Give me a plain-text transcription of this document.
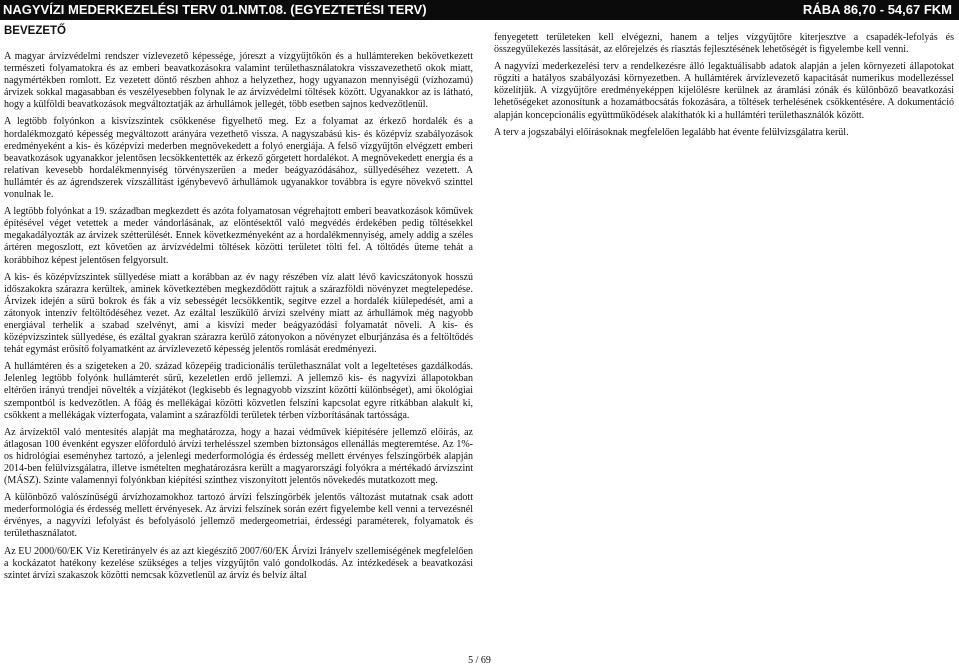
NAGYVÍZI MEDERKEZELÉSI TERV 01.NMT.08. (EGYEZTETÉSI TERV)	RÁBA 86,70 - 54,67 FKM
BEVEZETŐ

A magyar árvízvédelmi rendszer vízlevezető képessége, jóreszt a vízgyűjtőkön és a hullámtereken bekövetkezett természeti folyamatokra és az emberi beavatkozásokra valamint területhasználatokra visszavezethető okok miatt, nagymértékben romlott. Ez vezetett döntő részben ahhoz a helyzethez, hogy ugyanazon mennyiségű (vízhozamú) árvizek sokkal magasabban és veszélyesebben folynak le az árvízvédelmi töltések között. Ugyanakkor az is látható, hogy a külföldi beavatkozások megváltoztatják az árhullámok jellegét, több esetben sajnos kedvezőtlenül.

A legtöbb folyónkon a kisvízszintek csökkenése figyelhető meg. Ez a folyamat az érkező hordalék és a hordalékmozgató képesség megváltozott arányára vezethető vissza. A nagyszabású kis- és középvíz szabályozások eredményeként a kis- és középvízi mederben megnövekedett a folyó energiája. A felső vízgyűjtőn elvégzett emberi beavatkozások ugyanakkor jelentősen lecsökkentették az érkező görgetett hordalékot. A megnövekedett energia és a relatívan kevesebb hordalékmennyiség törvényszerűen a meder beágyazódásához, süllyedéséhez vezetett. A hullámtér és az ágrendszerek vízszállítást igénybevevő árhullámok ugyanakkor továbbra is egyre növekvő szinttel vonulnak le.

A legtöbb folyónkat a 19. században megkezdett és azóta folyamatosan végrehajtott emberi beavatkozások kőművek építésével véget vetettek a meder vándorlásának, az elöntésektől való megvédés érdekében pedig töltésekkel megakadályozták az árvizek szétterülését. Ennek következményeként az a hordalékmennyiség, amely addig a széles ártéren megoszlott, ezt követően az árvízvédelmi töltések közötti területet tölti fel. A töltődés üteme tehát a korábbihoz képest jelentősen felgyorsult.

A kis- és középvízszintek süllyedése miatt a korábban az év nagy részében víz alatt lévő kavicszátonyok hosszú időszakokra szárazra kerültek, aminek következtében megkezdődött rajtuk a szárazföldi növényzet megtelepedése. Árvizek idején a sűrű bokrok és fák a víz sebességét lecsökkentik, segítve ezzel a hordalék kiülepedését, ami a zátonyok intenzív feltöltődéséhez vezet. Az ezáltal leszűkülő árvízi szelvény miatt az árhullámok még nagyobb energiával terhelik a szabad szelvényt, ami a kisvízi meder beágyazódási folyamatát növeli. A kis- és középvízszintek süllyedése, és ezáltal gyakran szárazra kerülő zátonyokon a növényzet elburjánzása és a feltöltődés tehát egymást erősítő folyamatként az árvízlevezető képesség jelentős romlását eredményezi.

A hullámtéren és a szigeteken a 20. század közepéig tradicionális területhasználat volt a legeltetéses gazdálkodás. Jelenleg legtöbb folyónk hullámterét sűrű, kezeletlen erdő jellemzi. A jellemző kis- és nagyvízi állapotokban eltérően irányú trendjei növelték a vízjátékot (legkisebb és legnagyobb vízszint közötti különbséget), ami ökológiai szempontból is kedvezőtlen. A főág és mellékágai közötti közvetlen felszíni kapcsolat egyre ritkábban alakult ki, csökkent a mellékágak vízterfogata, valamint a szárazföldi területek térben vízborításának tartóssága.

Az árvízektől való mentesítés alapját ma meghatározza, hogy a hazai védművek kiépítésére jellemző előírás, az átlagosan 100 évenként egyszer előforduló árvízi terhelésszel szemben biztonságos ellenállás megteremtése. Az 1%-os hidrológiai eseményhez tartozó, a jelenlegi mederformológia és érdesség mellett érvényes felszíngörbék alapján 2014-ben felülvizsgálatra, illetve ismételten meghatározásra került a magyarországi folyókra a mértékadó árvízszint (MÁSZ). Szinte valamennyi folyónkban kiépítési szinthez viszonyított jelentős növekedés mutatkozott meg.

A különböző valószínűségű árvízhozamokhoz tartozó árvízi felszíngörbék jelentős változást mutatnak csak adott mederformológia és érdesség mellett érvényesek. Az árvízi felszínek során ezért figyelembe kell venni a tervezésnél érvényes, a nagyvízi lefolyást és befolyásoló jellemző medergeometriai, érdességi paraméterek, folyamatok és területhasználatot.

Az EU 2000/60/EK Víz Keretirányelv és az azt kiegészítő 2007/60/EK Árvízi Irányelv szellemiségének megfelelően a kockázatot hatékony kezelése szükséges a teljes vízgyűjtőn való gondolkodás. Az intézkedések a beavatkozási szintet árvízi szakaszok közötti nemcsak közvetlenül az árvíz és belvíz által

fenyegetett területeken kell elvégezni, hanem a teljes vízgyűjtőre kiterjesztve a csapadék-lefolyás és összegyűlekezés lassítását, az előrejelzés és riasztás fejlesztésének lehetőségét is figyelembe kell venni.

A nagyvízi mederkezelési terv a rendelkezésre álló legaktuálisabb adatok alapján a jelen környezeti állapotokat rögzíti a hatályos szabályozási környezetben. A hullámtérek árvízlevezető kapacitását numerikus modellezéssel közelítjük. A vízgyűjtőre eredményeképpen kijelölésre kerülnek az áramlási zónák és különböző beavatkozási lehetőségeket azonosítunk a hozamátbocsátás fokozására, a töltések terhelésének csökkentésére. A dokumentáció alapján koncepcionális együttműködések alakíthatók ki a hullámtéri területhasználók között.

A terv a jogszabályi előírásoknak megfelelően legalább hat évente felülvizsgálatra kerül.

5 / 69
